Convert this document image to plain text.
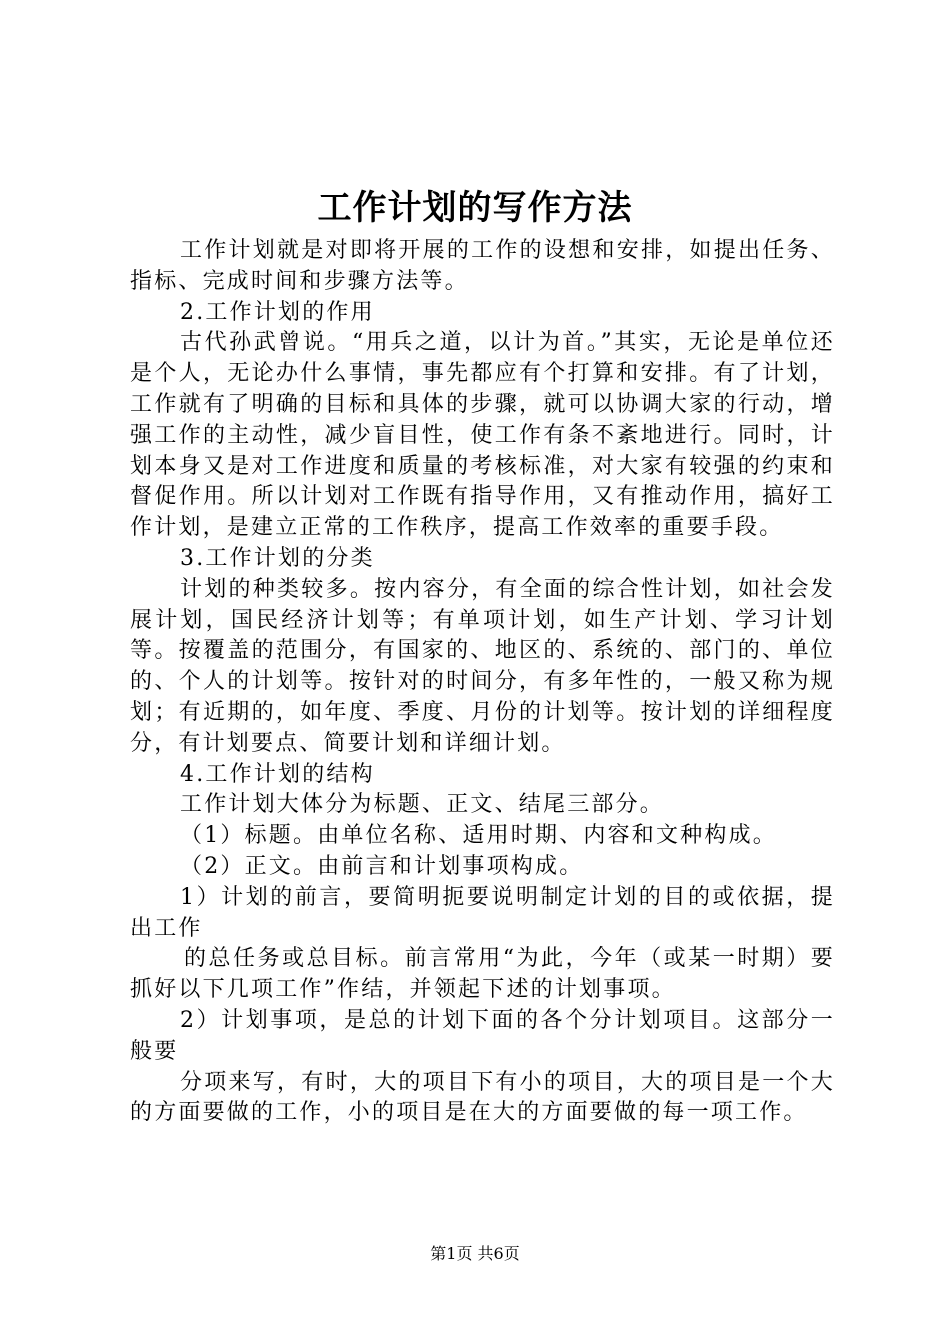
工作计划的写作方法

工作计划就是对即将开展的工作的设想和安排，如提出任务、指标、完成时间和步骤方法等。

2.工作计划的作用

古代孙武曾说。“用兵之道，以计为首。”其实，无论是单位还是个人，无论办什么事情，事先都应有个打算和安排。有了计划，工作就有了明确的目标和具体的步骤，就可以协调大家的行动，增强工作的主动性，减少盲目性，使工作有条不紊地进行。同时，计划本身又是对工作进度和质量的考核标准，对大家有较强的约束和督促作用。所以计划对工作既有指导作用，又有推动作用，搞好工作计划，是建立正常的工作秩序，提高工作效率的重要手段。

3.工作计划的分类

计划的种类较多。按内容分，有全面的综合性计划，如社会发展计划，国民经济计划等；有单项计划，如生产计划、学习计划等。按覆盖的范围分，有国家的、地区的、系统的、部门的、单位的、个人的计划等。按针对的时间分，有多年性的，一般又称为规划；有近期的，如年度、季度、月份的计划等。按计划的详细程度分，有计划要点、简要计划和详细计划。

4.工作计划的结构

工作计划大体分为标题、正文、结尾三部分。

（1）标题。由单位名称、适用时期、内容和文种构成。

（2）正文。由前言和计划事项构成。

1）计划的前言，要简明扼要说明制定计划的目的或依据，提出工作

的总任务或总目标。前言常用“为此，今年（或某一时期）要抓好以下几项工作”作结，并领起下述的计划事项。

2）计划事项，是总的计划下面的各个分计划项目。这部分一般要

分项来写，有时，大的项目下有小的项目，大的项目是一个大的方面要做的工作，小的项目是在大的方面要做的每一项工作。

第1页 共6页
